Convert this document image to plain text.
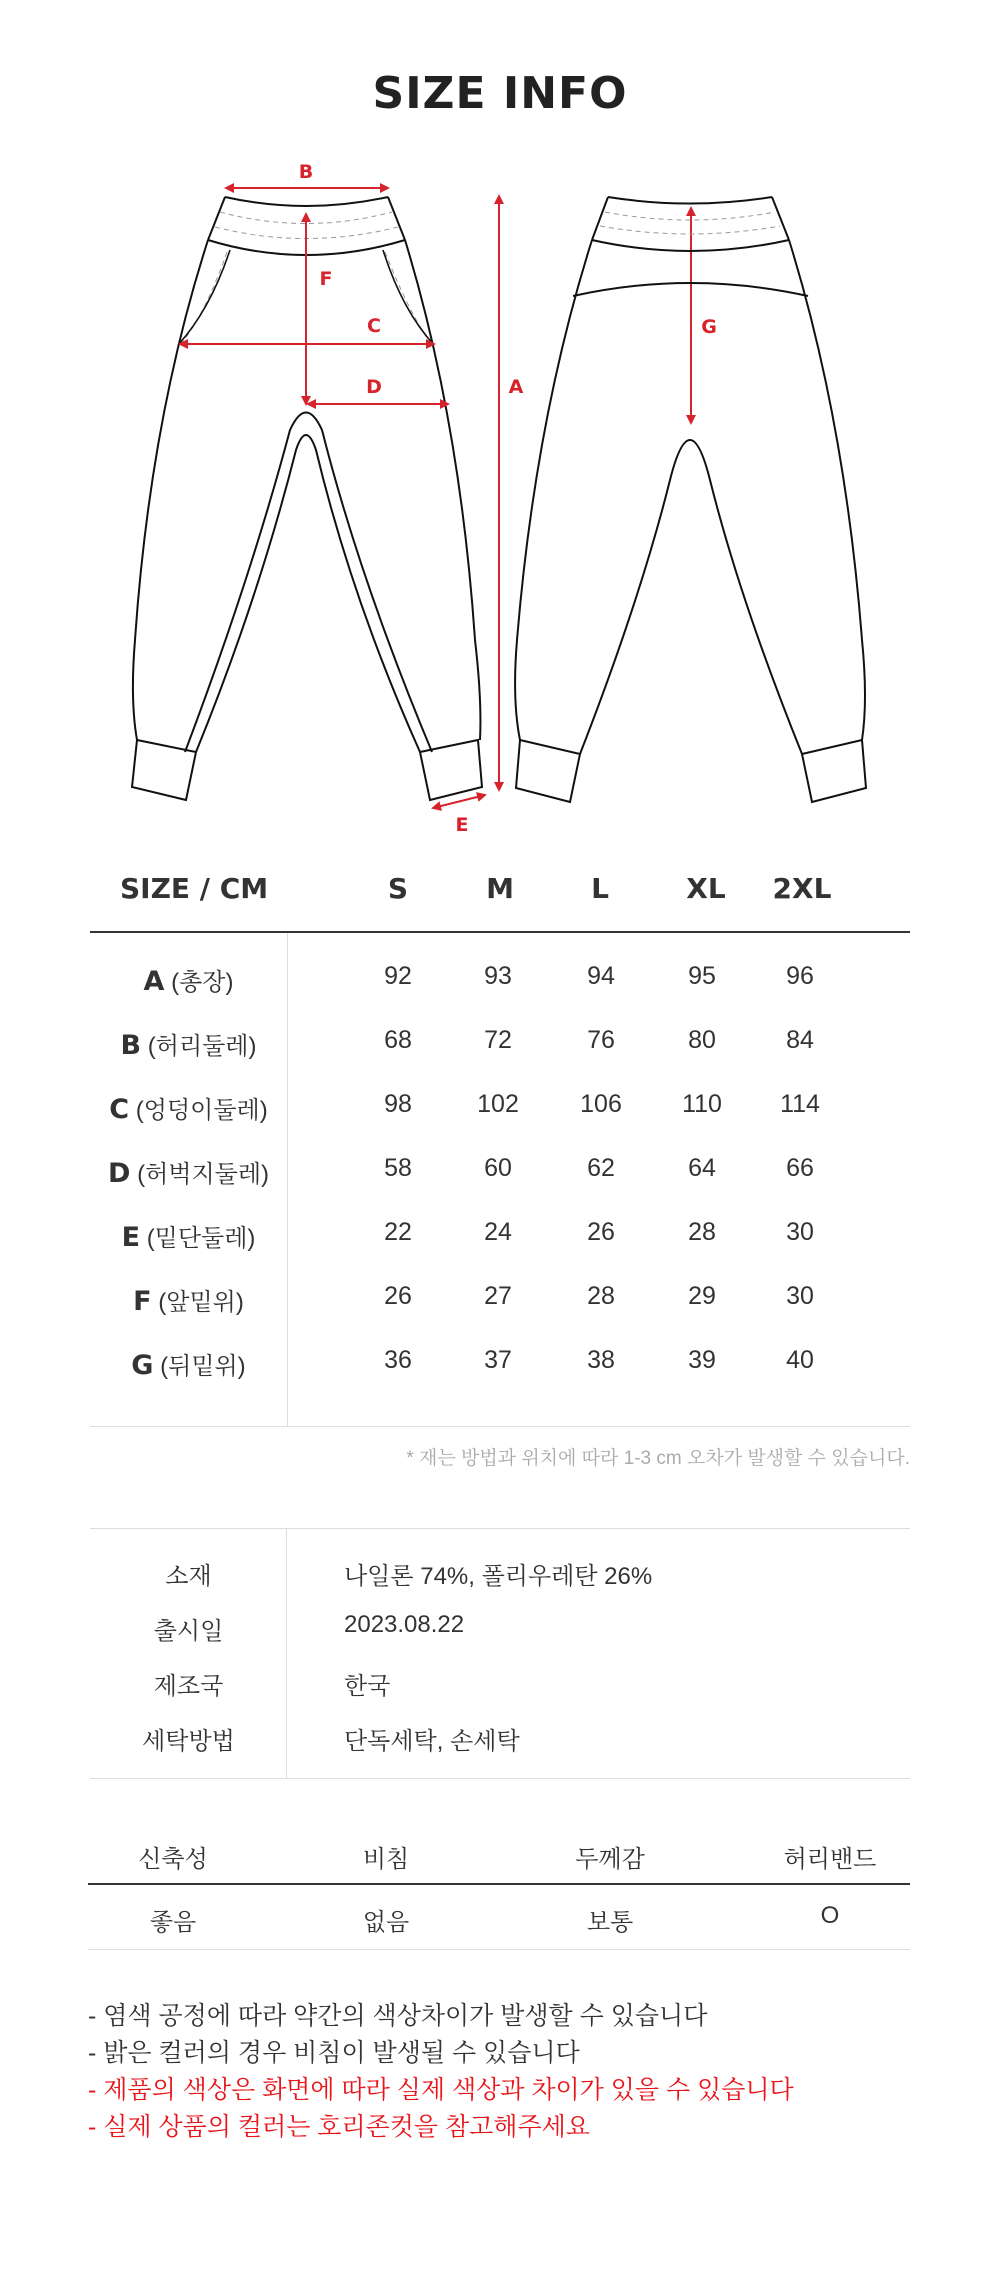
SIZE INFO
B
F
C
D	A
E
G
SIZE / CM	S	M	L	XL	2XL
A (총장)	92	93	94	95	96
B (허리둘레)	68	72	76	80	84
C (엉덩이둘레)	98	102	106	110	114
D (허벅지둘레)	58	60	62	64	66
E (밑단둘레)	22	24	26	28	30
F (앞밑위)	26	27	28	29	30
G (뒤밑위)	36	37	38	39	40
* 재는 방법과 위치에 따라 1-3 cm 오차가 발생할 수 있습니다.
소재	나일론 74%, 폴리우레탄 26%
출시일	2023.08.22
제조국	한국
세탁방법	단독세탁, 손세탁
신축성	비침	두께감	허리밴드
좋음	없음	보통	O
- 염색 공정에 따라 약간의 색상차이가 발생할 수 있습니다
- 밝은 컬러의 경우 비침이 발생될 수 있습니다
- 제품의 색상은 화면에 따라 실제 색상과 차이가 있을 수 있습니다
- 실제 상품의 컬러는 호리존컷을 참고해주세요
